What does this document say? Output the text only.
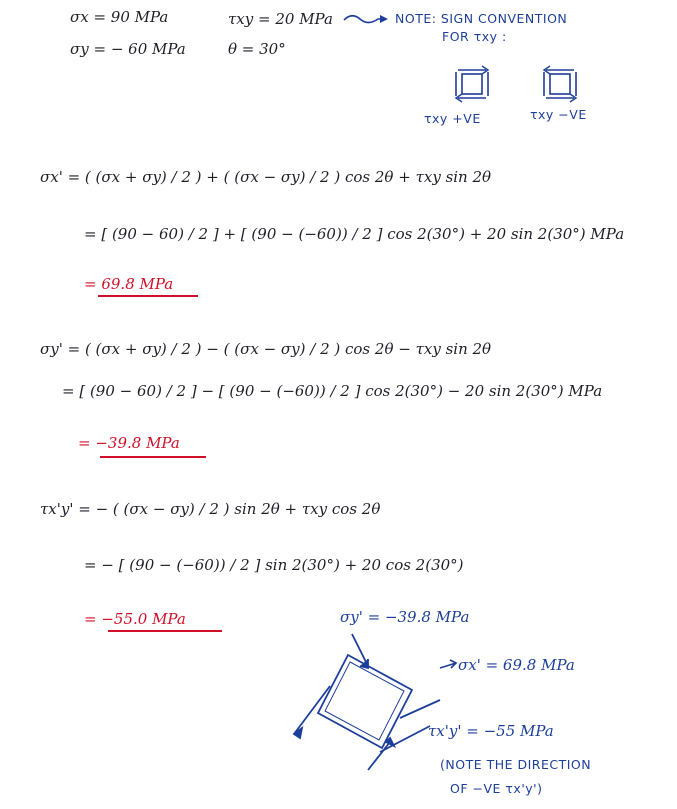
σx = 90 MPa
σy = − 60 MPa
τxy = 20 MPa
θ = 30°
NOTE: SIGN CONVENTION
FOR τxy :
τxy +VE	τxy −VE
σx' = ( (σx + σy) / 2 ) + ( (σx − σy) / 2 ) cos 2θ + τxy sin 2θ
= [ (90 − 60) / 2 ] + [ (90 − (−60)) / 2 ] cos 2(30°) + 20 sin 2(30°) MPa
= 69.8 MPa
σy' = ( (σx + σy) / 2 ) − ( (σx − σy) / 2 ) cos 2θ − τxy sin 2θ
= [ (90 − 60) / 2 ] − [ (90 − (−60)) / 2 ] cos 2(30°) − 20 sin 2(30°) MPa
= −39.8 MPa
τx'y' = − ( (σx − σy) / 2 ) sin 2θ + τxy cos 2θ
= − [ (90 − (−60)) / 2 ] sin 2(30°) + 20 cos 2(30°)
= −55.0 MPa	σy' = −39.8 MPa
σx' = 69.8 MPa
τx'y' = −55 MPa
(NOTE THE DIRECTION
OF −VE τx'y')
